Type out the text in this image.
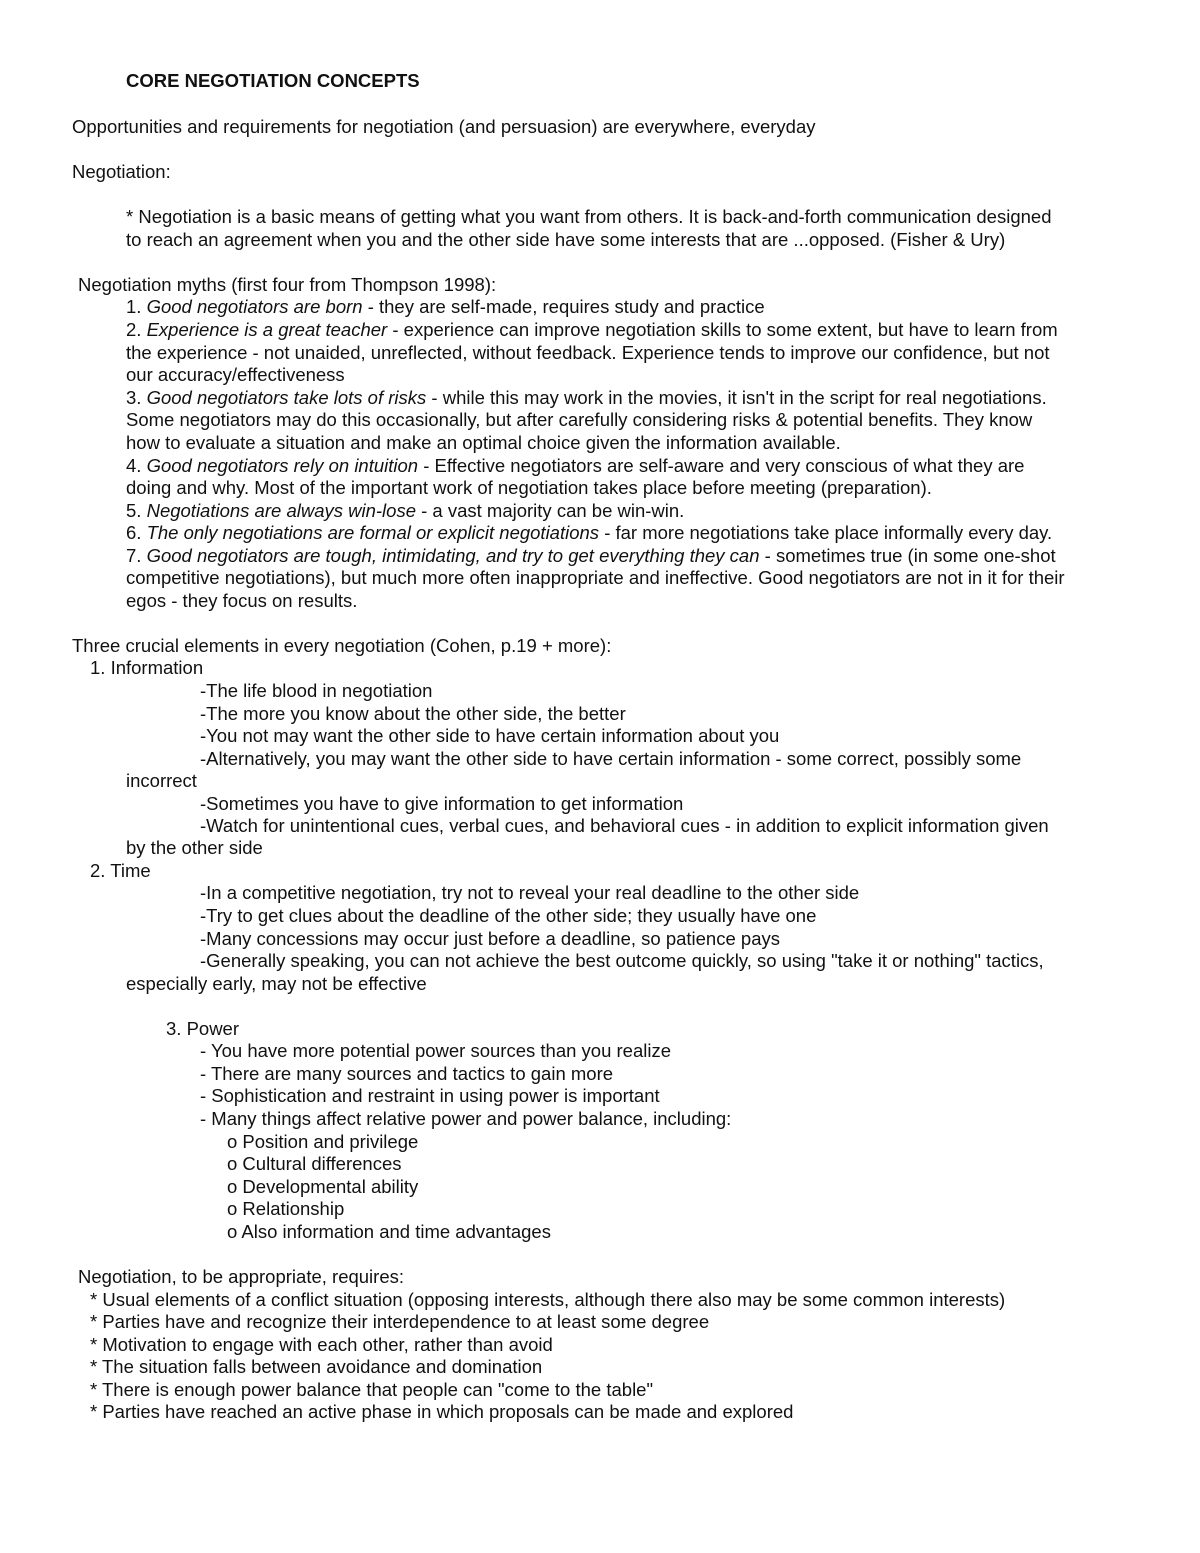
CORE NEGOTIATION CONCEPTS
Opportunities and requirements for negotiation (and persuasion) are everywhere, everyday
Negotiation:
* Negotiation is a basic means of getting what you want from others. It is back-and-forth communication designed
to reach an agreement when you and the other side have some interests that are ...opposed. (Fisher & Ury)
Negotiation myths (first four from Thompson 1998):
1. Good negotiators are born - they are self-made, requires study and practice
2. Experience is a great teacher - experience can improve negotiation skills to some extent, but have to learn from
the experience - not unaided, unreflected, without feedback. Experience tends to improve our confidence, but not
our accuracy/effectiveness
3. Good negotiators take lots of risks - while this may work in the movies, it isn't in the script for real negotiations.
Some negotiators may do this occasionally, but after carefully considering risks & potential benefits. They know
how to evaluate a situation and make an optimal choice given the information available.
4. Good negotiators rely on intuition - Effective negotiators are self-aware and very conscious of what they are
doing and why. Most of the important work of negotiation takes place before meeting (preparation).
5. Negotiations are always win-lose - a vast majority can be win-win.
6. The only negotiations are formal or explicit negotiations - far more negotiations take place informally every day.
7. Good negotiators are tough, intimidating, and try to get everything they can - sometimes true (in some one-shot
competitive negotiations), but much more often inappropriate and ineffective. Good negotiators are not in it for their
egos - they focus on results.
Three crucial elements in every negotiation (Cohen, p.19 + more):
1. Information
-The life blood in negotiation
-The more you know about the other side, the better
-You not may want the other side to have certain information about you
-Alternatively, you may want the other side to have certain information - some correct, possibly some
incorrect
-Sometimes you have to give information to get information
-Watch for unintentional cues, verbal cues, and behavioral cues - in addition to explicit information given
by the other side
2. Time
-In a competitive negotiation, try not to reveal your real deadline to the other side
-Try to get clues about the deadline of the other side; they usually have one
-Many concessions may occur just before a deadline, so patience pays
-Generally speaking, you can not achieve the best outcome quickly, so using "take it or nothing" tactics,
especially early, may not be effective
3. Power
- You have more potential power sources than you realize
- There are many sources and tactics to gain more
- Sophistication and restraint in using power is important
- Many things affect relative power and power balance, including:
o Position and privilege
o Cultural differences
o Developmental ability
o Relationship
o Also information and time advantages
Negotiation, to be appropriate, requires:
* Usual elements of a conflict situation (opposing interests, although there also may be some common interests)
* Parties have and recognize their interdependence to at least some degree
* Motivation to engage with each other, rather than avoid
* The situation falls between avoidance and domination
* There is enough power balance that people can "come to the table"
* Parties have reached an active phase in which proposals can be made and explored
